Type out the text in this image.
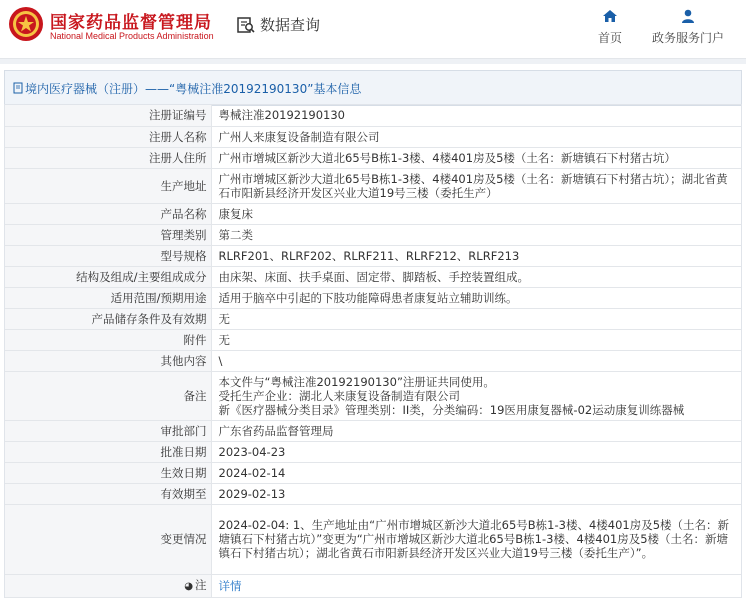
国家药品监督管理局
National Medical Products Administration
数据查询
首页 政务服务门户
境内医疗器械（注册）——“粤械注准20192190130”基本信息
注册证编号	粤械注准20192190130
注册人名称	广州人来康复设备制造有限公司
注册人住所	广州市增城区新沙大道北65号B栋1-3楼、4楼401房及5楼（土名：新塘镇石下村猪古坑）
生产地址	广州市增城区新沙大道北65号B栋1-3楼、4楼401房及5楼（土名：新塘镇石下村猪古坑）；湖北省黄石市阳新县经济开发区兴业大道19号三楼（委托生产）
产品名称	康复床
管理类别	第二类
型号规格	RLRF201、RLRF202、RLRF211、RLRF212、RLRF213
结构及组成/主要组成成分	由床架、床面、扶手桌面、固定带、脚踏板、手控装置组成。
适用范围/预期用途	适用于脑卒中引起的下肢功能障碍患者康复站立辅助训练。
产品储存条件及有效期	无
附件	无
其他内容	\
备注	本文件与“粤械注准20192190130”注册证共同使用。
受托生产企业：湖北人来康复设备制造有限公司
新《医疗器械分类目录》管理类别：II类，分类编码：19医用康复器械-02运动康复训练器械
审批部门	广东省药品监督管理局
批准日期	2023-04-23
生效日期	2024-02-14
有效期至	2029-02-13
变更情况	2024-02-04: 1、生产地址由“广州市增城区新沙大道北65号B栋1-3楼、4楼401房及5楼（土名：新塘镇石下村猪古坑）”变更为“广州市增城区新沙大道北65号B栋1-3楼、4楼401房及5楼（土名：新塘镇石下村猪古坑）；湖北省黄石市阳新县经济开发区兴业大道19号三楼（委托生产）”。
◕ 注	详情
